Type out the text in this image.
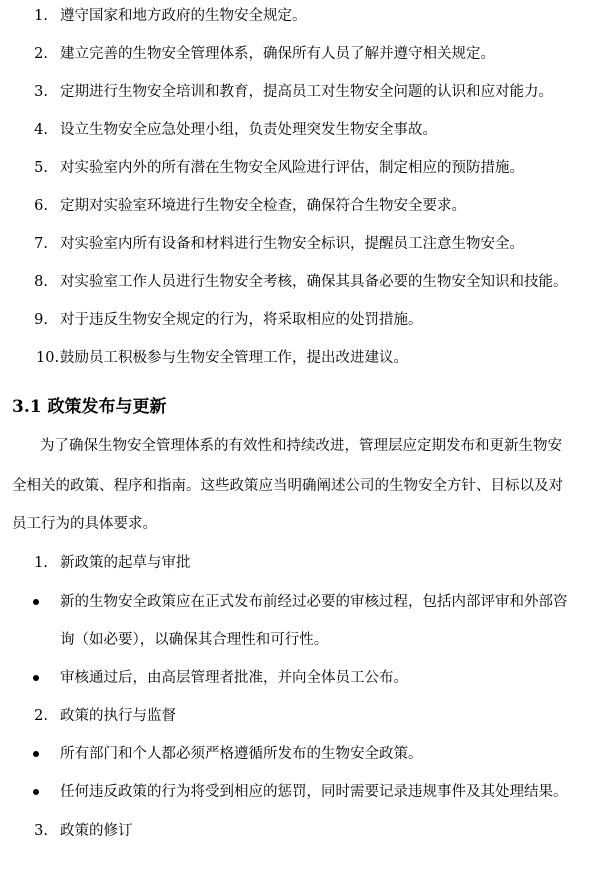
1. 遵守国家和地方政府的生物安全规定。
2. 建立完善的生物安全管理体系，确保所有人员了解并遵守相关规定。
3. 定期进行生物安全培训和教育，提高员工对生物安全问题的认识和应对能力。
4. 设立生物安全应急处理小组，负责处理突发生物安全事故。
5. 对实验室内外的所有潜在生物安全风险进行评估，制定相应的预防措施。
6. 定期对实验室环境进行生物安全检查，确保符合生物安全要求。
7. 对实验室内所有设备和材料进行生物安全标识，提醒员工注意生物安全。
8. 对实验室工作人员进行生物安全考核，确保其具备必要的生物安全知识和技能。
9. 对于违反生物安全规定的行为，将采取相应的处罚措施。
10. 鼓励员工积极参与生物安全管理工作，提出改进建议。
3.1 政策发布与更新
为了确保生物安全管理体系的有效性和持续改进，管理层应定期发布和更新生物安
全相关的政策、程序和指南。这些政策应当明确阐述公司的生物安全方针、目标以及对
员工行为的具体要求。
1. 新政策的起草与审批
新的生物安全政策应在正式发布前经过必要的审核过程，包括内部评审和外部咨
询（如必要），以确保其合理性和可行性。
审核通过后，由高层管理者批准，并向全体员工公布。
2. 政策的执行与监督
所有部门和个人都必须严格遵循所发布的生物安全政策。
任何违反政策的行为将受到相应的惩罚，同时需要记录违规事件及其处理结果。
3. 政策的修订
